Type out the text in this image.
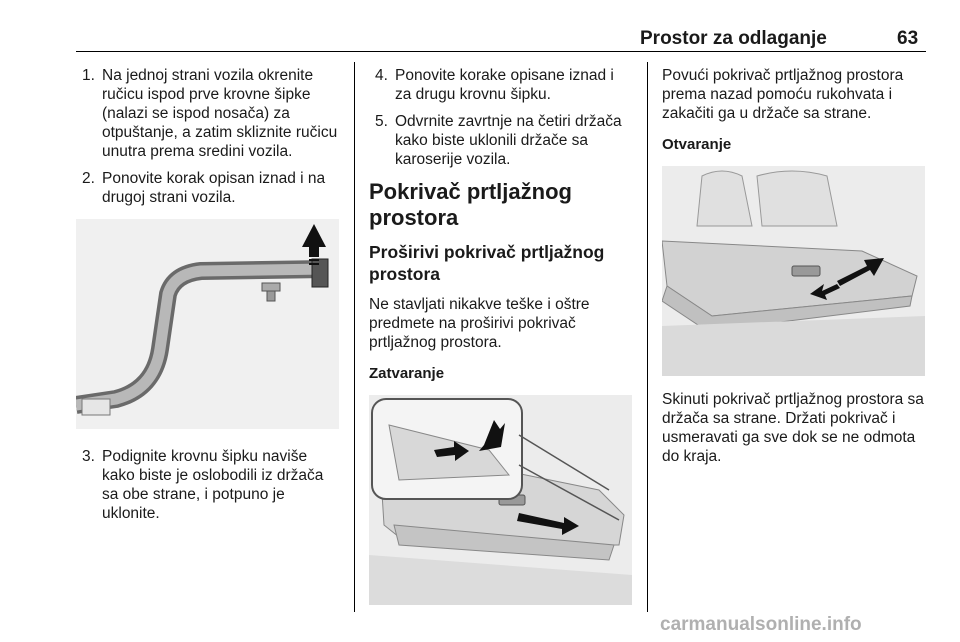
Prostor za odlaganje	63
1. Na jednoj strani vozila okrenite ručicu ispod prve krovne šipke (nalazi se ispod nosača) za otpuštanje, a zatim skliznite ručicu unutra prema sredini vozila.
2. Ponovite korak opisan iznad i na drugoj strani vozila.
3. Podignite krovnu šipku naviše kako biste je oslobodili iz držača sa obe strane, i potpuno je uklonite.
4. Ponovite korake opisane iznad i za drugu krovnu šipku.
5. Odvrnite zavrtnje na četiri držača kako biste uklonili držače sa karoserije vozila.
Pokrivač prtljažnog prostora
Proširivi pokrivač prtljažnog prostora

Ne stavljati nikakve teške i oštre predmete na proširivi pokrivač prtljažnog prostora.

Zatvaranje

Povući pokrivač prtljažnog prostora prema nazad pomoću rukohvata i zakačiti ga u držače sa strane.

Otvaranje

Skinuti pokrivač prtljažnog prostora sa držača sa strane. Držati pokrivač i usmeravati ga sve dok se ne odmota do kraja.

carmanualsonline.info
